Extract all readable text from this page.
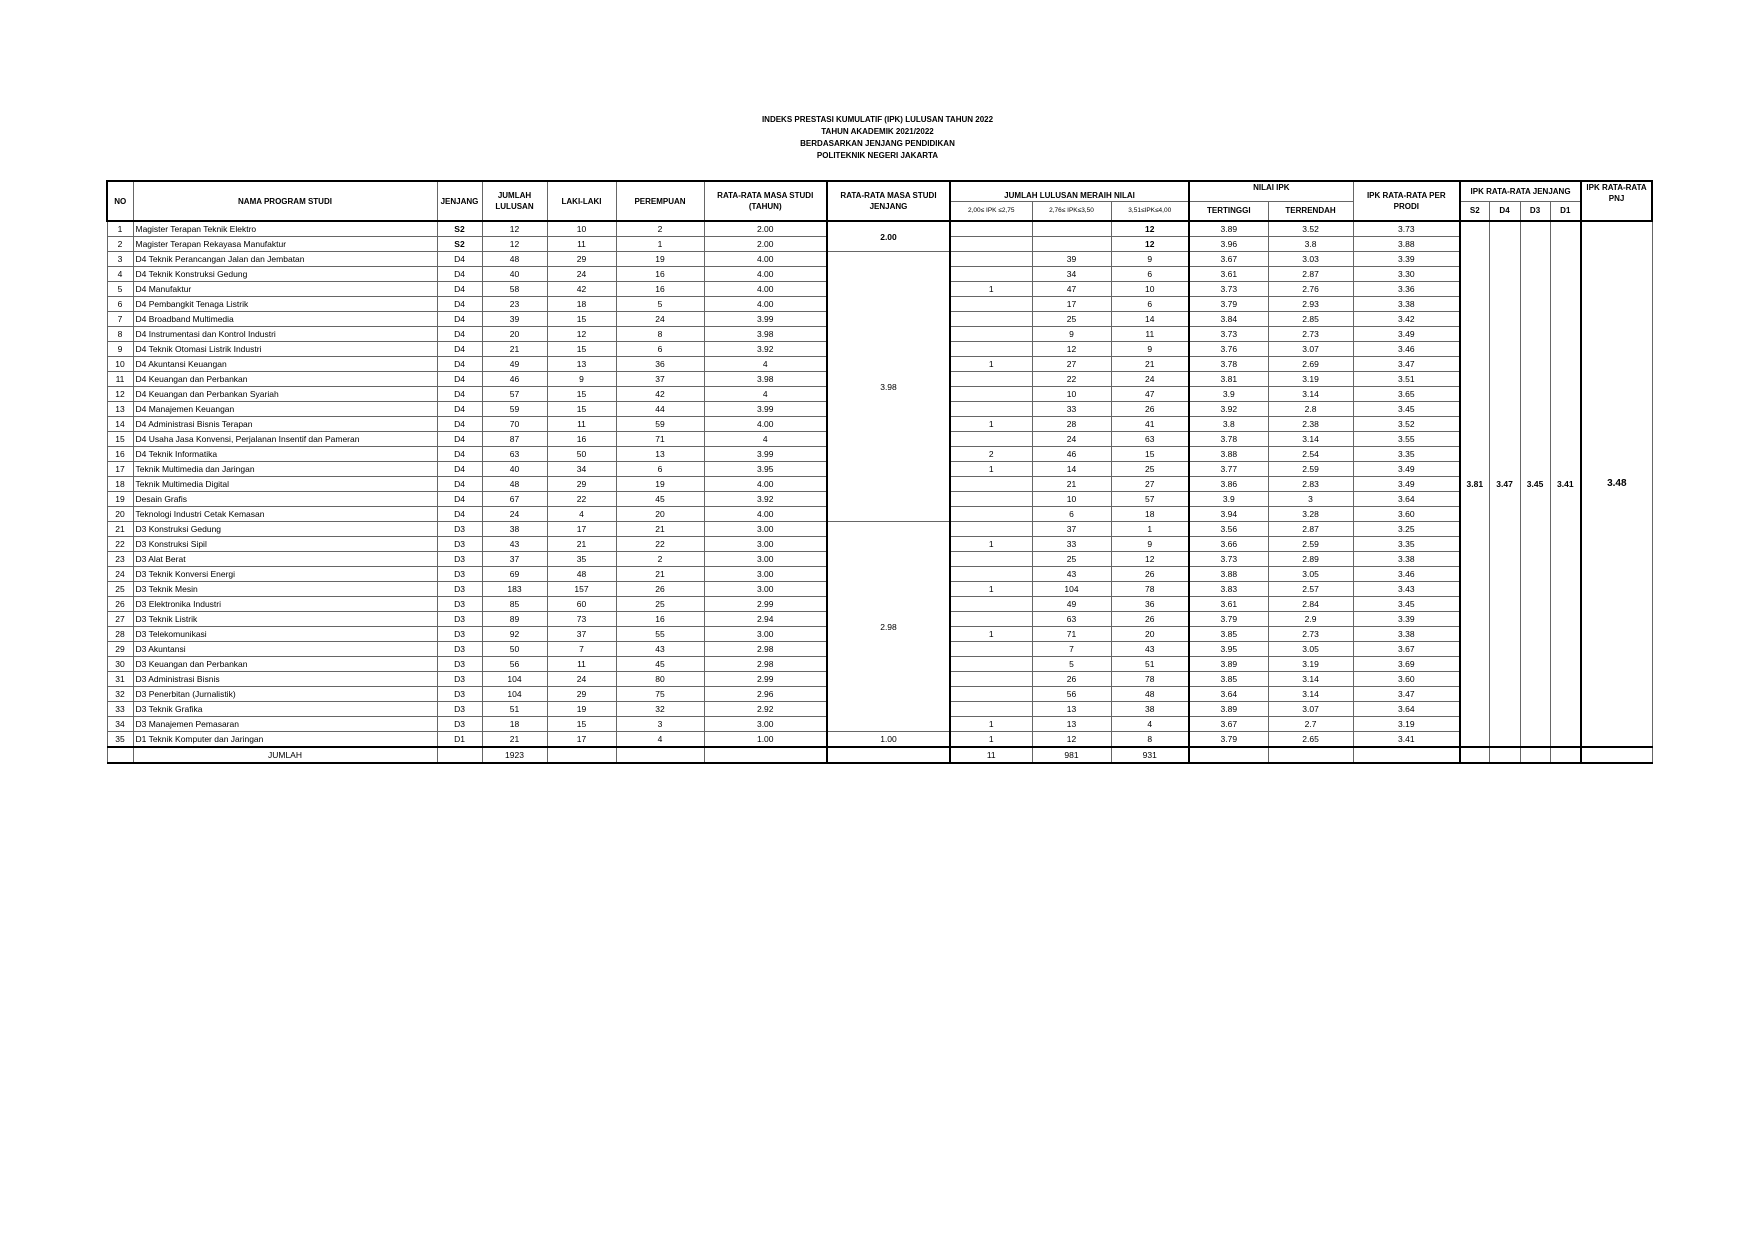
INDEKS PRESTASI KUMULATIF (IPK) LULUSAN TAHUN 2022
TAHUN AKADEMIK 2021/2022
BERDASARKAN JENJANG PENDIDIKAN
POLITEKNIK NEGERI JAKARTA
NO	NAMA PROGRAM STUDI	JENJANG	JUMLAH LULUSAN	LAKI-LAKI	PEREMPUAN	RATA-RATA MASA STUDI (TAHUN)	RATA-RATA MASA STUDI JENJANG	JUMLAH LULUSAN MERAIH NILAI			NILAI IPK		IPK RATA-RATA PER PRODI	IPK RATA-RATA JENJANG				IPK RATA-RATA PNJ
								2,00≤ IPK ≤2,75	2,76≤ IPK≤3,50	3,51≤IPK≤4,00	TERTINGGI	TERRENDAH		S2	D4	D3	D1	
1	Magister Terapan Teknik Elektro	S2	12	10	2	2.00	2.00			12	3.89	3.52	3.73	3.81	3.47	3.45	3.41	3.48
2	Magister Terapan Rekayasa Manufaktur	S2	12	11	1	2.00				12	3.96	3.8	3.88					
3	D4 Teknik Perancangan Jalan dan Jembatan	D4	48	29	19	4.00	3.98		39	9	3.67	3.03	3.39					
4	D4 Teknik Konstruksi Gedung	D4	40	24	16	4.00			34	6	3.61	2.87	3.30					
5	D4 Manufaktur	D4	58	42	16	4.00		1	47	10	3.73	2.76	3.36					
6	D4 Pembangkit Tenaga Listrik	D4	23	18	5	4.00			17	6	3.79	2.93	3.38					
7	D4 Broadband Multimedia	D4	39	15	24	3.99			25	14	3.84	2.85	3.42					
8	D4 Instrumentasi dan Kontrol Industri	D4	20	12	8	3.98			9	11	3.73	2.73	3.49					
9	D4 Teknik Otomasi Listrik Industri	D4	21	15	6	3.92			12	9	3.76	3.07	3.46					
10	D4 Akuntansi Keuangan	D4	49	13	36	4		1	27	21	3.78	2.69	3.47					
11	D4 Keuangan dan Perbankan	D4	46	9	37	3.98			22	24	3.81	3.19	3.51					
12	D4 Keuangan dan Perbankan Syariah	D4	57	15	42	4			10	47	3.9	3.14	3.65					
13	D4 Manajemen Keuangan	D4	59	15	44	3.99			33	26	3.92	2.8	3.45					
14	D4 Administrasi Bisnis Terapan	D4	70	11	59	4.00		1	28	41	3.8	2.38	3.52					
15	D4 Usaha Jasa Konvensi, Perjalanan Insentif dan Pameran	D4	87	16	71	4			24	63	3.78	3.14	3.55					
16	D4 Teknik Informatika	D4	63	50	13	3.99		2	46	15	3.88	2.54	3.35					
17	Teknik Multimedia dan Jaringan	D4	40	34	6	3.95		1	14	25	3.77	2.59	3.49					
18	Teknik Multimedia Digital	D4	48	29	19	4.00			21	27	3.86	2.83	3.49					
19	Desain Grafis	D4	67	22	45	3.92			10	57	3.9	3	3.64					
20	Teknologi Industri Cetak Kemasan	D4	24	4	20	4.00			6	18	3.94	3.28	3.60					
21	D3 Konstruksi Gedung	D3	38	17	21	3.00	2.98		37	1	3.56	2.87	3.25					
22	D3 Konstruksi Sipil	D3	43	21	22	3.00		1	33	9	3.66	2.59	3.35					
23	D3 Alat Berat	D3	37	35	2	3.00			25	12	3.73	2.89	3.38					
24	D3 Teknik Konversi Energi	D3	69	48	21	3.00			43	26	3.88	3.05	3.46					
25	D3 Teknik Mesin	D3	183	157	26	3.00		1	104	78	3.83	2.57	3.43					
26	D3 Elektronika Industri	D3	85	60	25	2.99			49	36	3.61	2.84	3.45					
27	D3 Teknik Listrik	D3	89	73	16	2.94			63	26	3.79	2.9	3.39					
28	D3 Telekomunikasi	D3	92	37	55	3.00		1	71	20	3.85	2.73	3.38					
29	D3 Akuntansi	D3	50	7	43	2.98			7	43	3.95	3.05	3.67					
30	D3 Keuangan dan Perbankan	D3	56	11	45	2.98			5	51	3.89	3.19	3.69					
31	D3 Administrasi Bisnis	D3	104	24	80	2.99			26	78	3.85	3.14	3.60					
32	D3 Penerbitan (Jurnalistik)	D3	104	29	75	2.96			56	48	3.64	3.14	3.47					
33	D3 Teknik Grafika	D3	51	19	32	2.92			13	38	3.89	3.07	3.64					
34	D3 Manajemen Pemasaran	D3	18	15	3	3.00		1	13	4	3.67	2.7	3.19					
35	D1 Teknik Komputer dan Jaringan	D1	21	17	4	1.00	1.00	1	12	8	3.79	2.65	3.41					
	JUMLAH		1923					11	981	931								
